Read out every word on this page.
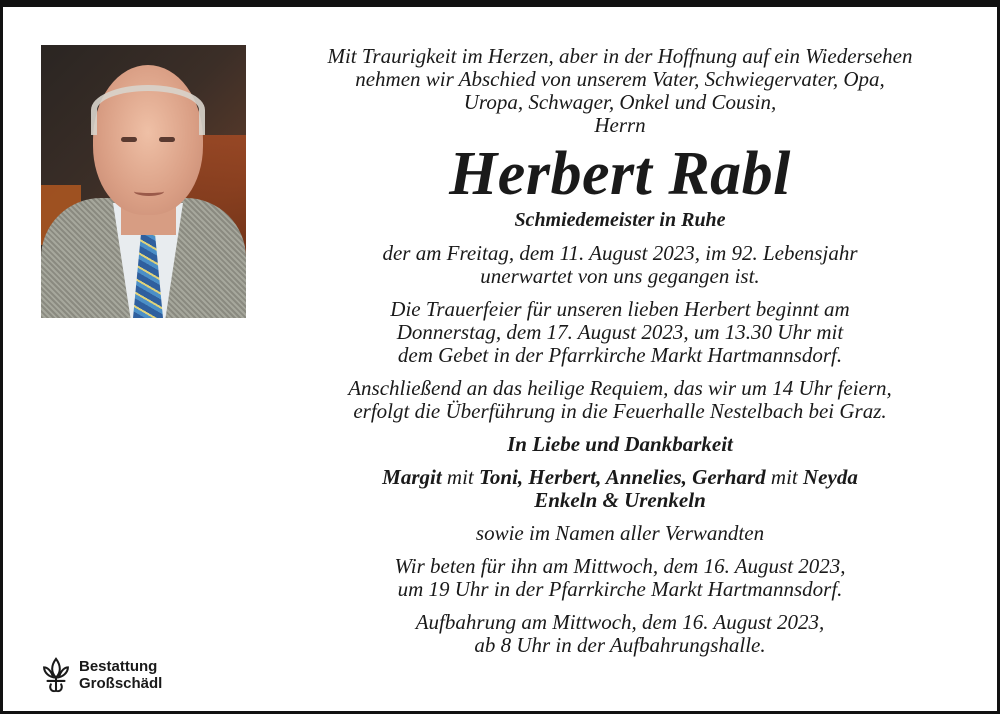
Mit Traurigkeit im Herzen, aber in der Hoffnung auf ein Wiedersehen

nehmen wir Abschied von unserem Vater, Schwiegervater, Opa,

Uropa, Schwager, Onkel und Cousin,

Herrn

Herbert Rabl

Schmiedemeister in Ruhe

der am Freitag, dem 11. August 2023, im 92. Lebensjahr

unerwartet von uns gegangen ist.

Die Trauerfeier für unseren lieben Herbert beginnt am

Donnerstag, dem 17. August 2023, um 13.30 Uhr mit

dem Gebet in der Pfarrkirche Markt Hartmannsdorf.

Anschließend an das heilige Requiem, das wir um 14 Uhr feiern,

erfolgt die Überführung in die Feuerhalle Nestelbach bei Graz.

In Liebe und Dankbarkeit

Margit mit Toni, Herbert, Annelies, Gerhard mit Neyda

Enkeln & Urenkeln

sowie im Namen aller Verwandten

Wir beten für ihn am Mittwoch, dem 16. August 2023,

um 19 Uhr in der Pfarrkirche Markt Hartmannsdorf.

Aufbahrung am Mittwoch, dem 16. August 2023,

ab 8 Uhr in der Aufbahrungshalle.

Bestattung
Großschädl
